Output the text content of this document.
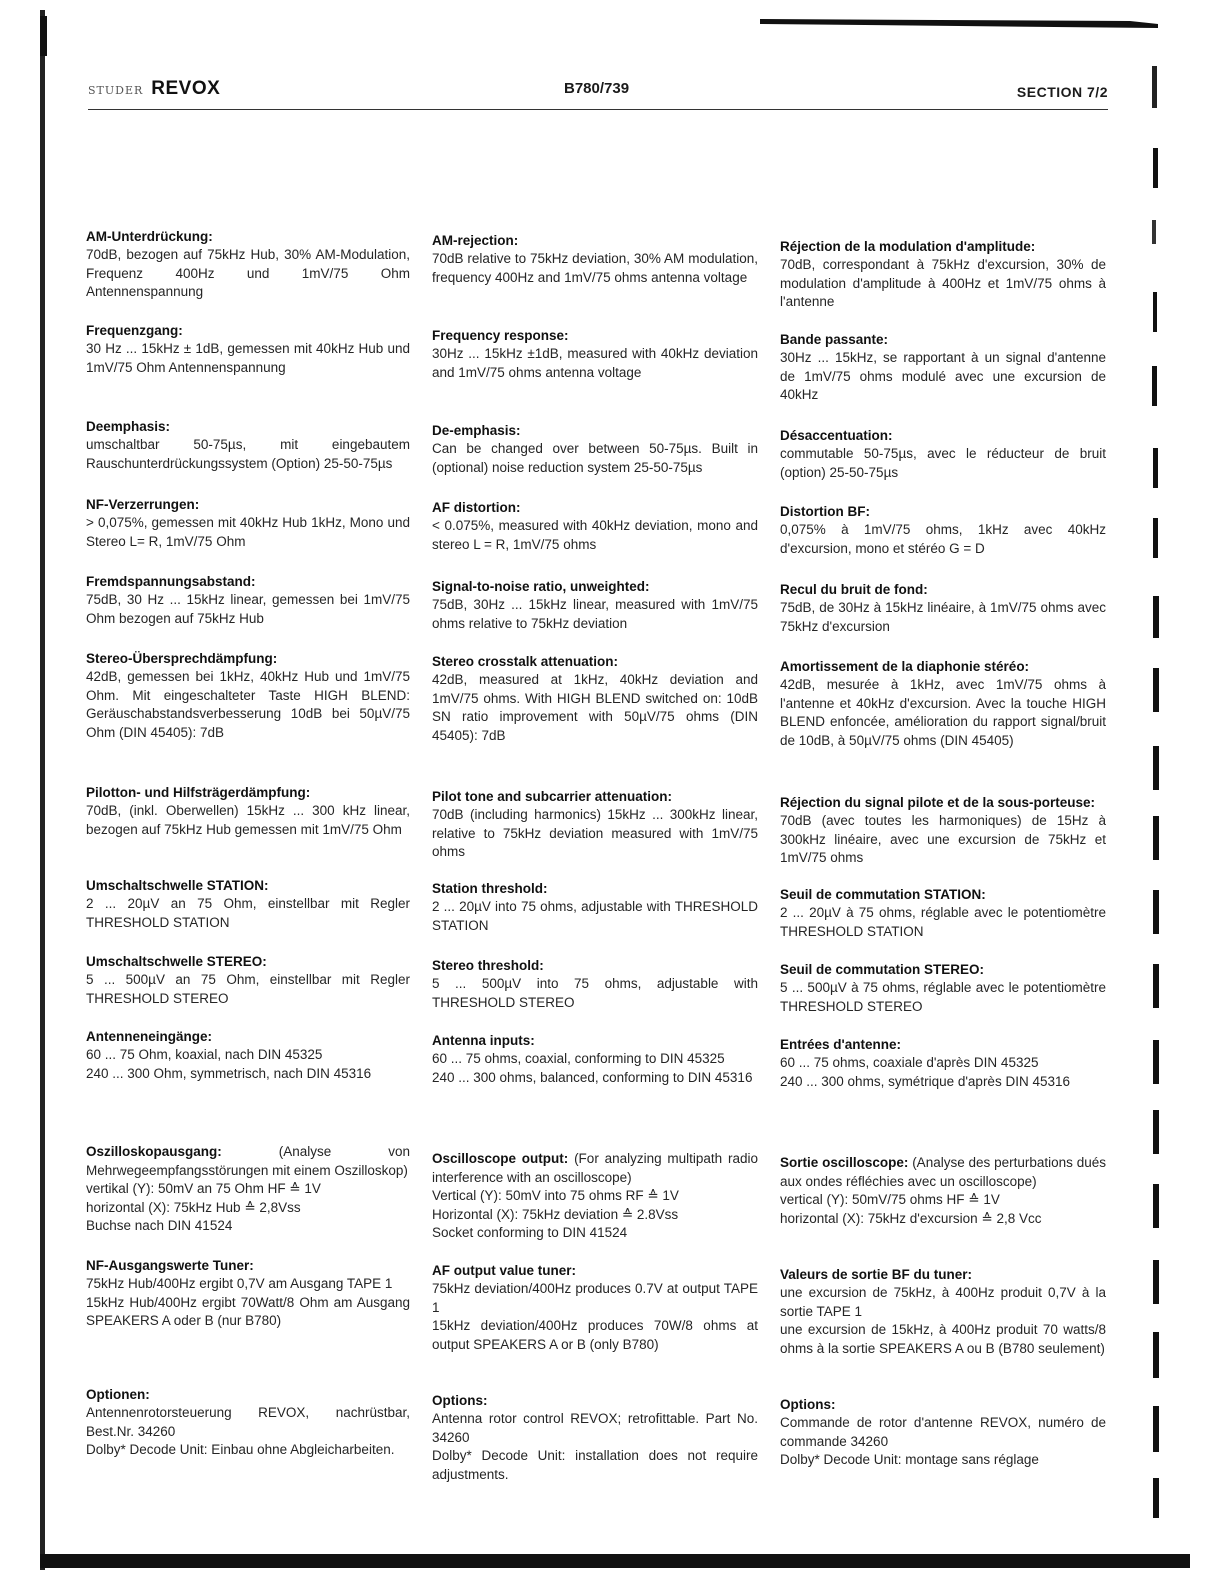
STUDER REVOX	B780/739	SECTION 7/2

AM-Unterdrückung:

70dB, bezogen auf 75kHz Hub, 30% AM-Modulation, Frequenz 400Hz und 1mV/75 Ohm Antennenspannung

Frequenzgang:

30 Hz ... 15kHz ± 1dB, gemessen mit 40kHz Hub und 1mV/75 Ohm Antennenspannung

Deemphasis:

umschaltbar 50-75µs, mit eingebautem Rauschunterdrückungssystem (Option) 25-50-75µs

NF-Verzerrungen:

> 0,075%, gemessen mit 40kHz Hub 1kHz, Mono und Stereo L= R, 1mV/75 Ohm

Fremdspannungsabstand:

75dB, 30 Hz ... 15kHz linear, gemessen bei 1mV/75 Ohm bezogen auf 75kHz Hub

Stereo-Übersprechdämpfung:

42dB, gemessen bei 1kHz, 40kHz Hub und 1mV/75 Ohm. Mit eingeschalteter Taste HIGH BLEND: Geräuschabstandsverbesserung 10dB bei 50µV/75 Ohm (DIN 45405): 7dB

Pilotton- und Hilfsträgerdämpfung:

70dB, (inkl. Oberwellen) 15kHz ... 300 kHz linear, bezogen auf 75kHz Hub gemessen mit 1mV/75 Ohm

Umschaltschwelle STATION:

2 ... 20µV an 75 Ohm, einstellbar mit Regler THRESHOLD STATION

Umschaltschwelle STEREO:

5 ... 500µV an 75 Ohm, einstellbar mit Regler THRESHOLD STEREO

Antenneneingänge:

60 ... 75 Ohm, koaxial, nach DIN 45325

240 ... 300 Ohm, symmetrisch, nach DIN 45316

Oszilloskopausgang:	(Analyse von Mehrwegeempfangsstörungen mit einem Oszilloskop)

vertikal (Y): 50mV an 75 Ohm HF ≙ 1V

horizontal (X): 75kHz Hub ≙ 2,8Vss

Buchse nach DIN 41524

NF-Ausgangswerte Tuner:

75kHz Hub/400Hz ergibt 0,7V am Ausgang TAPE 1

15kHz Hub/400Hz ergibt 70Watt/8 Ohm am Ausgang SPEAKERS A oder B (nur B780)

Optionen:

Antennenrotorsteuerung REVOX, nachrüstbar, Best.Nr. 34260

Dolby* Decode Unit: Einbau ohne Abgleicharbeiten.

AM-rejection:

70dB relative to 75kHz deviation, 30% AM modulation, frequency 400Hz and 1mV/75 ohms antenna voltage

Frequency response:

30Hz ... 15kHz ±1dB, measured with 40kHz deviation and 1mV/75 ohms antenna voltage

De-emphasis:

Can be changed over between 50-75µs. Built in (optional) noise reduction system 25-50-75µs

AF distortion:

< 0.075%, measured with 40kHz deviation, mono and stereo L = R, 1mV/75 ohms

Signal-to-noise ratio, unweighted:

75dB, 30Hz ... 15kHz linear, measured with 1mV/75 ohms relative to 75kHz deviation

Stereo crosstalk attenuation:

42dB, measured at 1kHz, 40kHz deviation and 1mV/75 ohms. With HIGH BLEND switched on: 10dB SN ratio improvement with 50µV/75 ohms (DIN 45405): 7dB

Pilot tone and subcarrier attenuation:

70dB (including harmonics) 15kHz ... 300kHz linear, relative to 75kHz deviation measured with 1mV/75 ohms

Station threshold:

2 ... 20µV into 75 ohms, adjustable with THRESHOLD STATION

Stereo threshold:

5 ... 500µV into 75 ohms, adjustable with THRESHOLD STEREO

Antenna inputs:

60 ... 75 ohms, coaxial, conforming to DIN 45325

240 ... 300 ohms, balanced, conforming to DIN 45316

Oscilloscope output: (For analyzing multipath radio interference with an oscilloscope)

Vertical (Y): 50mV into 75 ohms RF ≙ 1V

Horizontal (X): 75kHz deviation ≙ 2.8Vss

Socket conforming to DIN 41524

AF output value tuner:

75kHz deviation/400Hz produces 0.7V at output TAPE 1

15kHz deviation/400Hz produces 70W/8 ohms at output SPEAKERS A or B (only B780)

Options:

Antenna rotor control REVOX; retrofittable. Part No. 34260

Dolby* Decode Unit: installation does not require adjustments.

Réjection de la modulation d'amplitude:

70dB, correspondant à 75kHz d'excursion, 30% de modulation d'amplitude à 400Hz et 1mV/75 ohms à l'antenne

Bande passante:

30Hz ... 15kHz, se rapportant à un signal d'antenne de 1mV/75 ohms modulé avec une excursion de 40kHz

Désaccentuation:

commutable 50-75µs, avec le réducteur de bruit (option) 25-50-75µs

Distortion BF:

0,075% à 1mV/75 ohms, 1kHz avec 40kHz d'excursion, mono et stéréo G = D

Recul du bruit de fond:

75dB, de 30Hz à 15kHz linéaire, à 1mV/75 ohms avec 75kHz d'excursion

Amortissement de la diaphonie stéréo:

42dB, mesurée à 1kHz, avec 1mV/75 ohms à l'antenne et 40kHz d'excursion. Avec la touche HIGH BLEND enfoncée, amélioration du rapport signal/bruit de 10dB, à 50µV/75 ohms (DIN 45405)

Réjection du signal pilote et de la sous-porteuse:

70dB (avec toutes les harmoniques) de 15Hz à 300kHz linéaire, avec une excursion de 75kHz et 1mV/75 ohms

Seuil de commutation STATION:

2 ... 20µV à 75 ohms, réglable avec le potentiomètre THRESHOLD STATION

Seuil de commutation STEREO:

5 ... 500µV à 75 ohms, réglable avec le potentiomètre THRESHOLD STEREO

Entrées d'antenne:

60 ... 75 ohms, coaxiale d'après DIN 45325

240 ... 300 ohms, symétrique d'après DIN 45316

Sortie oscilloscope: (Analyse des perturbations dués aux ondes réfléchies avec un oscilloscope)

vertical (Y): 50mV/75 ohms HF ≙ 1V

horizontal (X): 75kHz d'excursion ≙ 2,8 Vcc

Valeurs de sortie BF du tuner:

une excursion de 75kHz, à 400Hz produit 0,7V à la sortie TAPE 1

une excursion de 15kHz, à 400Hz produit 70 watts/8 ohms à la sortie SPEAKERS A ou B (B780 seulement)

Options:

Commande de rotor d'antenne REVOX, numéro de commande 34260

Dolby* Decode Unit: montage sans réglage
